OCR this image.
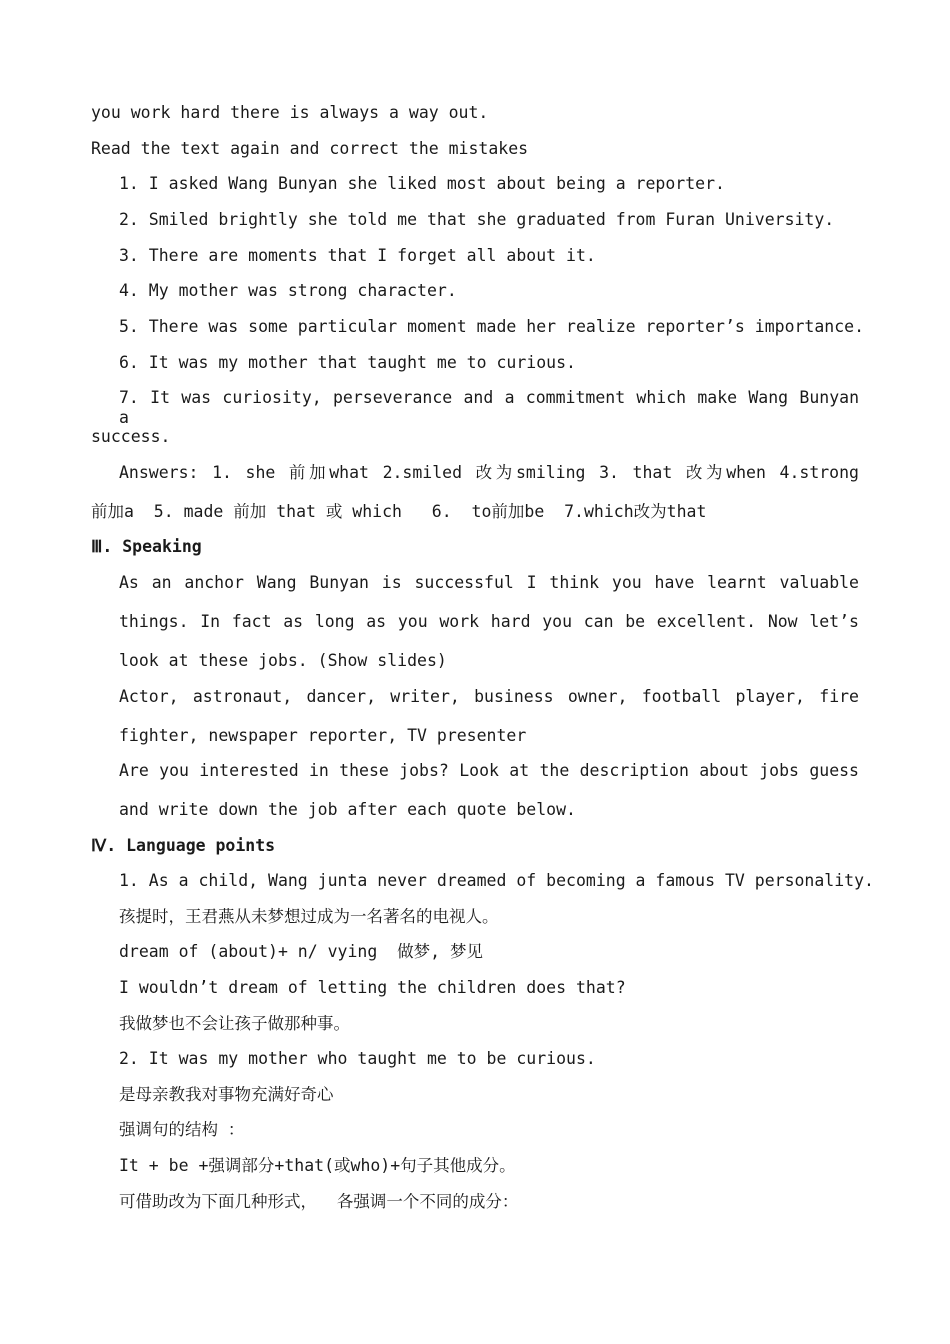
you work hard there is always a way out.
Read the text again and correct the mistakes
1. I asked Wang Bunyan she liked most about being a reporter.
2. Smiled brightly she told me that she graduated from Furan University.
3. There are moments that I forget all about it.
4. My mother was strong character.
5. There was some particular moment made her realize reporter’s importance.
6. It was my mother that taught me to curious.
7. It was curiosity, perseverance and a commitment which make Wang Bunyan a
success.
Answers: 1. she 前加what 2.smiled 改为smiling 3. that 改为when 4.strong
前加a  5. made 前加 that 或 which   6.  to前加be  7.which改为that
Ⅲ. Speaking
As an anchor Wang Bunyan is successful I think you have learnt valuable
things. In fact as long as you work hard you can be excellent. Now let’s
look at these jobs. (Show slides)
Actor, astronaut, dancer, writer, business owner, football player, fire
fighter, newspaper reporter, TV presenter
Are you interested in these jobs? Look at the description about jobs guess
and write down the job after each quote below.
Ⅳ. Language points
1. As a child, Wang junta never dreamed of becoming a famous TV personality.
孩提时，王君燕从未梦想过成为一名著名的电视人。
dream of (about)+ n/ vying  做梦, 梦见
I wouldn’t dream of letting the children does that?
我做梦也不会让孩子做那种事。
2. It was my mother who taught me to be curious.
是母亲教我对事物充满好奇心
强调句的结构 ：
It + be +强调部分+that(或who)+句子其他成分。
可借助改为下面几种形式，  各强调一个不同的成分：
